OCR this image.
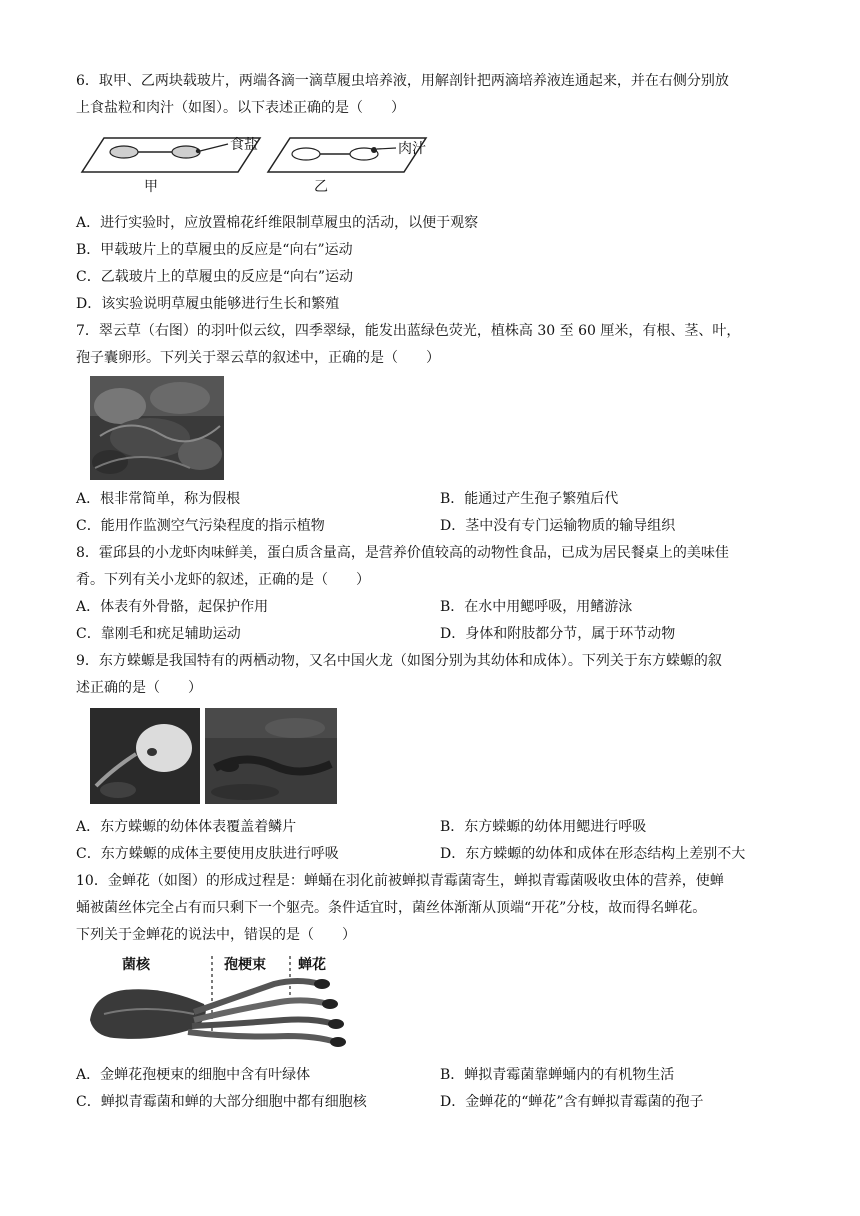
6．取甲、乙两块载玻片，两端各滴一滴草履虫培养液，用解剖针把两滴培养液连通起来，并在右侧分别放
上食盐粒和肉汁（如图）。以下表述正确的是（　　）
食盐	肉汁
甲	乙
A．进行实验时，应放置棉花纤维限制草履虫的活动，以便于观察
B．甲载玻片上的草履虫的反应是“向右”运动
C．乙载玻片上的草履虫的反应是“向右”运动
D．该实验说明草履虫能够进行生长和繁殖
7．翠云草（右图）的羽叶似云纹，四季翠绿，能发出蓝绿色荧光，植株高 30 至 60 厘米，有根、茎、叶，
孢子囊卵形。下列关于翠云草的叙述中，正确的是（　　）
A．根非常简单，称为假根	B．能通过产生孢子繁殖后代
C．能用作监测空气污染程度的指示植物	D．茎中没有专门运输物质的输导组织
8．霍邱县的小龙虾肉味鲜美，蛋白质含量高，是营养价值较高的动物性食品，已成为居民餐桌上的美味佳
肴。下列有关小龙虾的叙述，正确的是（　　）
A．体表有外骨骼，起保护作用	B．在水中用鳃呼吸，用鳍游泳
C．靠刚毛和疣足辅助运动	D．身体和附肢都分节，属于环节动物
9．东方蝾螈是我国特有的两栖动物，又名中国火龙（如图分别为其幼体和成体）。下列关于东方蝾螈的叙
述正确的是（　　）
A．东方蝾螈的幼体体表覆盖着鳞片	B．东方蝾螈的幼体用鳃进行呼吸
C．东方蝾螈的成体主要使用皮肤进行呼吸	D．东方蝾螈的幼体和成体在形态结构上差别不大
10．金蝉花（如图）的形成过程是：蝉蛹在羽化前被蝉拟青霉菌寄生，蝉拟青霉菌吸收虫体的营养，使蝉
蛹被菌丝体完全占有而只剩下一个躯壳。条件适宜时，菌丝体渐渐从顶端“开花”分枝，故而得名蝉花。
下列关于金蝉花的说法中，错误的是（　　）
菌核	孢梗束 蝉花
A．金蝉花孢梗束的细胞中含有叶绿体	B．蝉拟青霉菌靠蝉蛹内的有机物生活
C．蝉拟青霉菌和蝉的大部分细胞中都有细胞核	D．金蝉花的“蝉花”含有蝉拟青霉菌的孢子
